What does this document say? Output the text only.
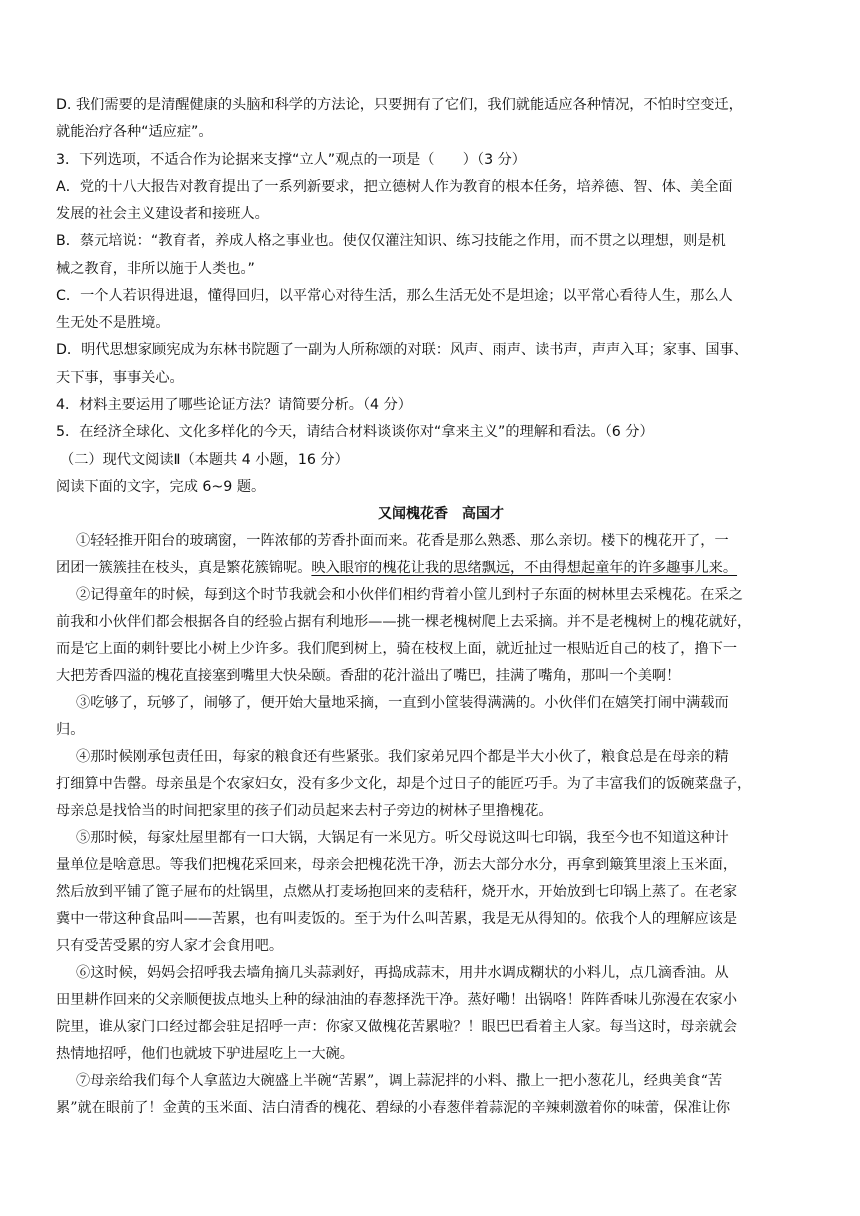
D. 我们需要的是清醒健康的头脑和科学的方法论，只要拥有了它们，我们就能适应各种情况，不怕时空变迁，
就能治疗各种“适应症”。
3．下列选项，不适合作为论据来支撑“立人”观点的一项是（　　）（3 分）
A．党的十八大报告对教育提出了一系列新要求，把立德树人作为教育的根本任务，培养德、智、体、美全面
发展的社会主义建设者和接班人。
B．蔡元培说：“教育者，养成人格之事业也。使仅仅灌注知识、练习技能之作用，而不贯之以理想，则是机
械之教育，非所以施于人类也。”
C．一个人若识得进退，懂得回归，以平常心对待生活，那么生活无处不是坦途；以平常心看待人生，那么人
生无处不是胜境。
D．明代思想家顾宪成为东林书院题了一副为人所称颂的对联：风声、雨声、读书声，声声入耳；家事、国事、
天下事，事事关心。
4．材料主要运用了哪些论证方法？请简要分析。（4 分）
5．在经济全球化、文化多样化的今天，请结合材料谈谈你对“拿来主义”的理解和看法。（6 分）
（二）现代文阅读Ⅱ（本题共 4 小题，16 分）
阅读下面的文字，完成 6~9 题。
又闻槐花香　高国才
①轻轻推开阳台的玻璃窗，一阵浓郁的芳香扑面而来。花香是那么熟悉、那么亲切。楼下的槐花开了，一
团团一簇簇挂在枝头，真是繁花簇锦呢。映入眼帘的槐花让我的思绪飘远，不由得想起童年的许多趣事儿来。
②记得童年的时候，每到这个时节我就会和小伙伴们相约背着小筐儿到村子东面的树林里去采槐花。在采之
前我和小伙伴们都会根据各自的经验占据有利地形——挑一棵老槐树爬上去采摘。并不是老槐树上的槐花就好，
而是它上面的刺针要比小树上少许多。我们爬到树上，骑在枝杈上面，就近扯过一根贴近自己的枝了，撸下一
大把芳香四溢的槐花直接塞到嘴里大快朵颐。香甜的花汁溢出了嘴巴，挂满了嘴角，那叫一个美啊！
③吃够了，玩够了，闹够了，便开始大量地采摘，一直到小筐装得满满的。小伙伴们在嬉笑打闹中满载而
归。
④那时候刚承包责任田，每家的粮食还有些紧张。我们家弟兄四个都是半大小伙了，粮食总是在母亲的精
打细算中告罄。母亲虽是个农家妇女，没有多少文化，却是个过日子的能匠巧手。为了丰富我们的饭碗菜盘子，
母亲总是找恰当的时间把家里的孩子们动员起来去村子旁边的树林子里撸槐花。
⑤那时候，每家灶屋里都有一口大锅，大锅足有一米见方。听父母说这叫七印锅，我至今也不知道这种计
量单位是啥意思。等我们把槐花采回来，母亲会把槐花洗干净，沥去大部分水分，再拿到簸箕里滚上玉米面，
然后放到平铺了篦子屉布的灶锅里，点燃从打麦场抱回来的麦秸秆，烧开水，开始放到七印锅上蒸了。在老家
冀中一带这种食品叫——苦累，也有叫麦饭的。至于为什么叫苦累，我是无从得知的。依我个人的理解应该是
只有受苦受累的穷人家才会食用吧。
⑥这时候，妈妈会招呼我去墙角摘几头蒜剥好，再捣成蒜末，用井水调成糊状的小料儿，点几滴香油。从
田里耕作回来的父亲顺便拔点地头上种的绿油油的春葱择洗干净。蒸好嘞！出锅咯！阵阵香味儿弥漫在农家小
院里，谁从家门口经过都会驻足招呼一声：你家又做槐花苦累啦？！眼巴巴看着主人家。每当这时，母亲就会
热情地招呼，他们也就坡下驴进屋吃上一大碗。
⑦母亲给我们每个人拿蓝边大碗盛上半碗“苦累”，调上蒜泥拌的小料、撒上一把小葱花儿，经典美食“苦
累”就在眼前了！金黄的玉米面、洁白清香的槐花、碧绿的小春葱伴着蒜泥的辛辣刺激着你的味蕾，保准让你
